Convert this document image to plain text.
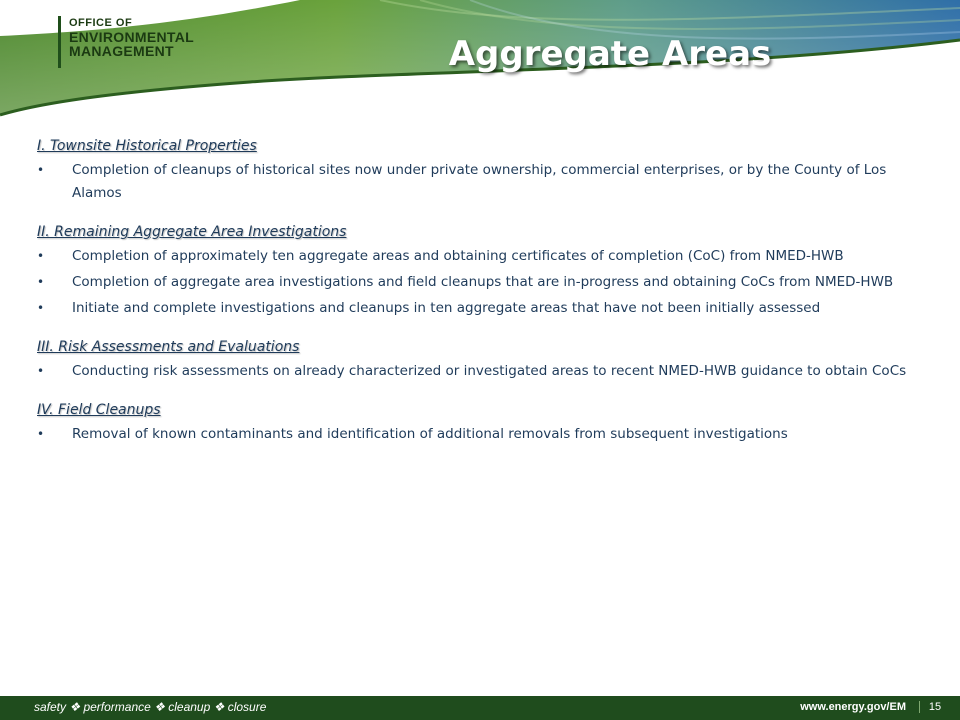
OFFICE OF
ENVIRONMENTAL
MANAGEMENT	Aggregate Areas

I. Townsite Historical Properties

• Completion of cleanups of historical sites now under private ownership, commercial enterprises, or by the County of Los Alamos

II. Remaining Aggregate Area Investigations

• Completion of approximately ten aggregate areas and obtaining certificates of completion (CoC) from NMED-HWB
• Completion of aggregate area investigations and field cleanups that are in-progress and obtaining CoCs from NMED-HWB
• Initiate and complete investigations and cleanups in ten aggregate areas that have not been initially assessed

III. Risk Assessments and Evaluations

• Conducting risk assessments on already characterized or investigated areas to recent NMED-HWB guidance to obtain CoCs

IV. Field Cleanups

• Removal of known contaminants and identification of additional removals from subsequent investigations
safety ❖ performance ❖ cleanup ❖ closure	www.energy.gov/EM	15
